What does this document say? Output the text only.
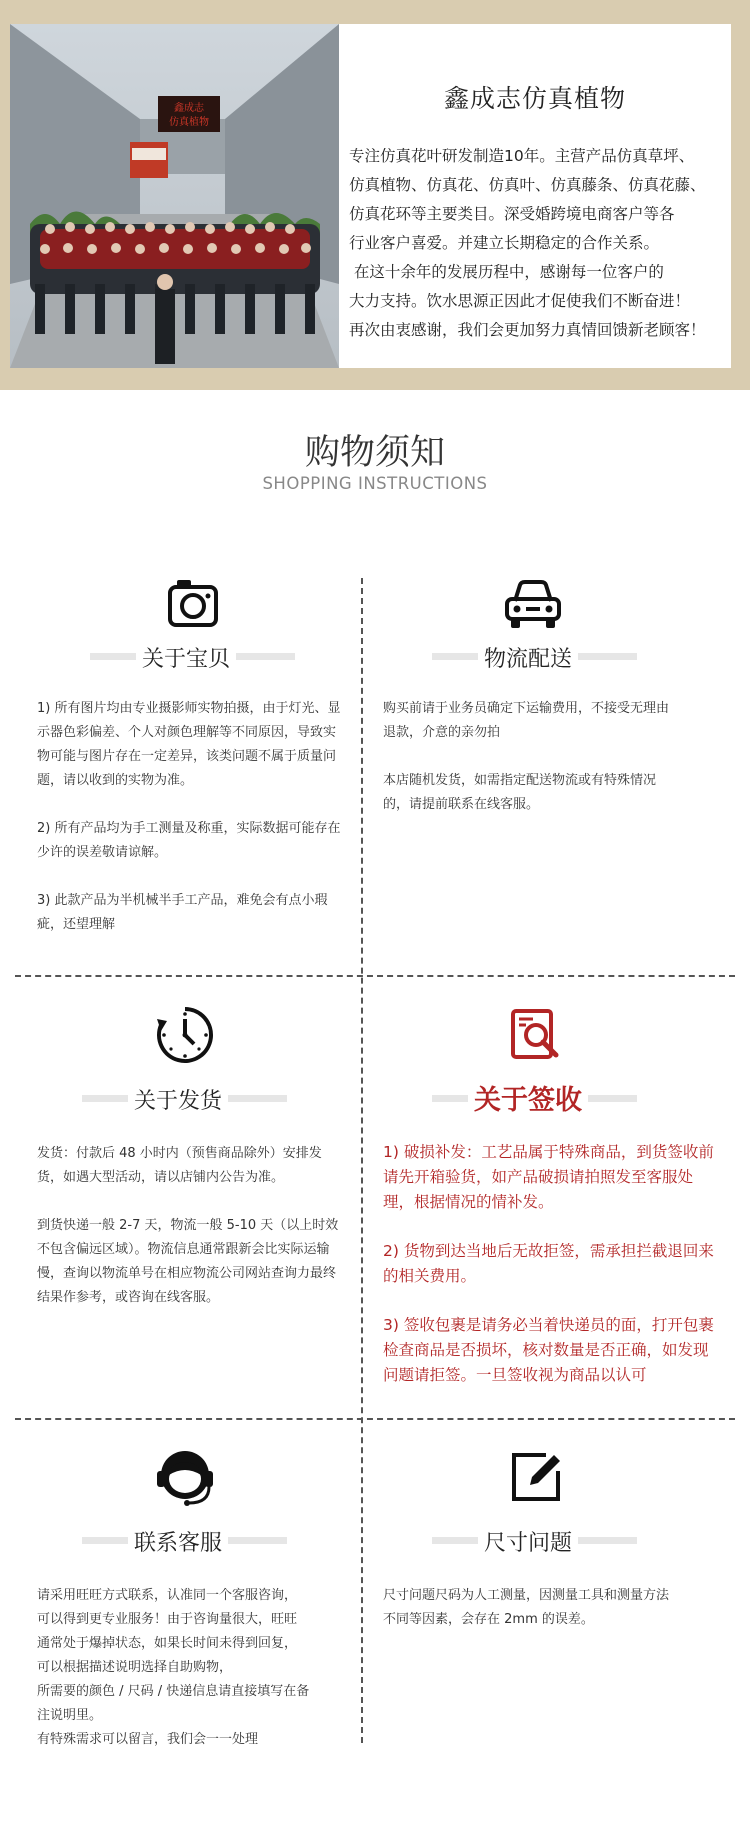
鑫成志
仿真植物
鑫成志仿真植物

专注仿真花叶研发制造10年。主营产品仿真草坪、

仿真植物、仿真花、仿真叶、仿真藤条、仿真花藤、

仿真花环等主要类目。深受婚跨境电商客户等各

行业客户喜爱。并建立长期稳定的合作关系。

在这十余年的发展历程中，感谢每一位客户的

大力支持。饮水思源正因此才促使我们不断奋进！

再次由衷感谢，我们会更加努力真情回馈新老顾客！

购物须知
SHOPPING INSTRUCTIONS
关于宝贝

1) 所有图片均由专业摄影师实物拍摄，由于灯光、显示器色彩偏差、个人对颜色理解等不同原因，导致实物可能与图片存在一定差异，该类问题不属于质量问题，请以收到的实物为准。

2) 所有产品均为手工测量及称重，实际数据可能存在少许的误差敬请谅解。

3) 此款产品为半机械半手工产品，难免会有点小瑕疵，还望理解

物流配送

购买前请于业务员确定下运输费用，不接受无理由退款，介意的亲勿拍

本店随机发货，如需指定配送物流或有特殊情况的，请提前联系在线客服。

关于发货

发货：付款后 48 小时内（预售商品除外）安排发货，如遇大型活动，请以店铺内公告为准。

到货快递一般 2-7 天，物流一般 5-10 天（以上时效不包含偏远区域）。物流信息通常跟新会比实际运输慢，查询以物流单号在相应物流公司网站查询力最终结果作参考，或咨询在线客服。

关于签收

1) 破损补发：工艺品属于特殊商品，到货签收前请先开箱验货，如产品破损请拍照发至客服处理，根据情况的情补发。

2) 货物到达当地后无故拒签，需承担拦截退回来的相关费用。

3) 签收包裹是请务必当着快递员的面，打开包裹检查商品是否损坏，核对数量是否正确，如发现问题请拒签。一旦签收视为商品以认可

联系客服

请采用旺旺方式联系，认准同一个客服咨询，

可以得到更专业服务！由于咨询量很大，旺旺

通常处于爆掉状态，如果长时间未得到回复，

可以根据描述说明选择自助购物，

所需要的颜色 / 尺码 / 快递信息请直接填写在备

注说明里。

有特殊需求可以留言，我们会一一处理

尺寸问题

尺寸问题尺码为人工测量，因测量工具和测量方法不同等因素，会存在 2mm 的误差。
